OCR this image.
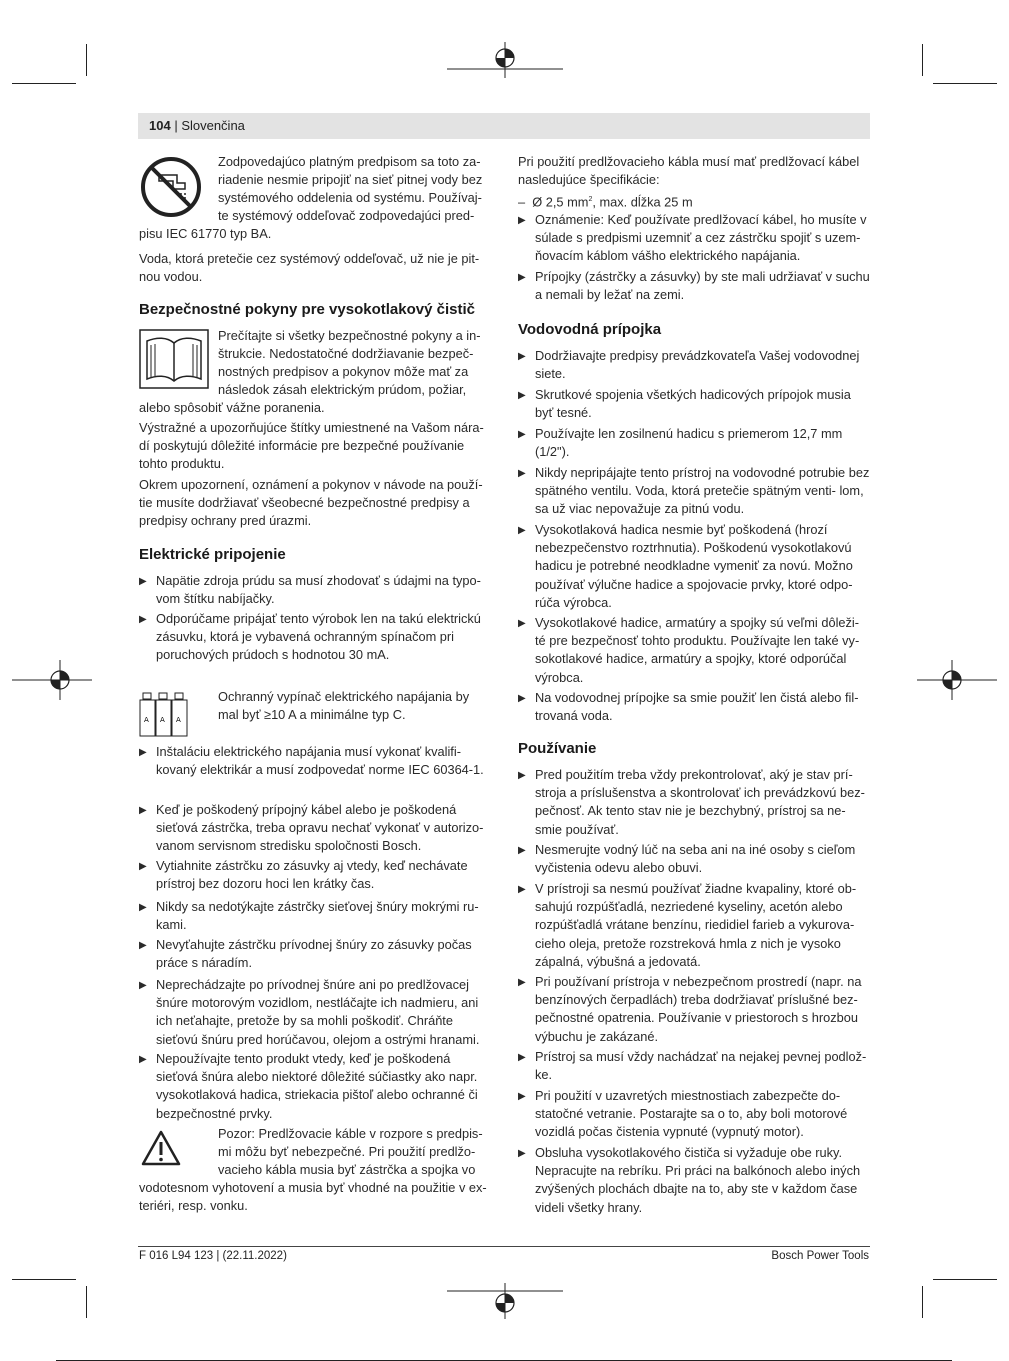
104 | Slovenčina

Zodpovedajúco platným predpisom sa toto za-

riadenie nesmie pripojiť na sieť pitnej vody bez

systémového oddelenia od systému. Používaj-

te systémový oddeľovač zodpovedajúci pred-

pisu IEC 61770 typ BA.

Voda, ktorá pretečie cez systémový oddeľovač, už nie je pit- nou vodou.

Bezpečnostné pokyny pre vysokotlakový čistič

Prečítajte si všetky bezpečnostné pokyny a in-

štrukcie. Nedostatočné dodržiavanie bezpeč-

nostných predpisov a pokynov môže mať za

následok zásah elektrickým prúdom, požiar,

alebo spôsobiť vážne poranenia.

Výstražné a upozorňujúce štítky umiestnené na Vašom nára- dí poskytujú dôležité informácie pre bezpečné používanie tohto produktu.

Okrem upozornení, oznámení a pokynov v návode na použí- tie musíte dodržiavať všeobecné bezpečnostné predpisy a predpisy ochrany pred úrazmi.

Elektrické pripojenie

▶ Napätie zdroja prúdu sa musí zhodovať s údajmi na typo- vom štítku nabíjačky.

▶ Odporúčame pripájať tento výrobok len na takú elektrickú zásuvku, ktorá je vybavená ochranným spínačom pri poruchových prúdoch s hodnotou 30 mA.

A A A

Ochranný vypínač elektrického napájania by

mal byť ≥10 A a minimálne typ C.

▶ Inštaláciu elektrického napájania musí vykonať kvalifi- kovaný elektrikár a musí zodpovedať norme IEC 60364-1.

▶ Keď je poškodený prípojný kábel alebo je poškodená sieťová zástrčka, treba opravu nechať vykonať v autorizo- vanom servisnom stredisku spoločnosti Bosch.

▶ Vytiahnite zástrčku zo zásuvky aj vtedy, keď nechávate prístroj bez dozoru hoci len krátky čas.

▶ Nikdy sa nedotýkajte zástrčky sieťovej šnúry mokrými ru- kami.

▶ Nevyťahujte zástrčku prívodnej šnúry zo zásuvky počas práce s náradím.

▶ Neprechádzajte po prívodnej šnúre ani po predlžovacej šnúre motorovým vozidlom, nestláčajte ich nadmieru, ani ich neťahajte, pretože by sa mohli poškodiť. Chráňte sieťovú šnúru pred horúčavou, olejom a ostrými hranami.

▶ Nepoužívajte tento produkt vtedy, keď je poškodená sieťová šnúra alebo niektoré dôležité súčiastky ako napr. vysokotlaková hadica, striekacia pištoľ alebo ochranné či bezpečnostné prvky.

Pozor: Predlžovacie káble v rozpore s predpis-

mi môžu byť nebezpečné. Pri použití predlžo-

vacieho kábla musia byť zástrčka a spojka vo

vodotesnom vyhotovení a musia byť vhodné na použitie v ex- teriéri, resp. vonku.

Pri použití predlžovacieho kábla musí mať predlžovací kábel nasledujúce špecifikácie:

– Ø 2,5 $mm^2$, max. dĺžka 25 m

▶ Oznámenie: Keď používate predlžovací kábel, ho musíte v súlade s predpismi uzemniť a cez zástrčku spojiť s uzem- ňovacím káblom vášho elektrického napájania.

▶ Prípojky (zástrčky a zásuvky) by ste mali udržiavať v suchu a nemali by ležať na zemi.

Vodovodná prípojka

▶ Dodržiavajte predpisy prevádzkovateľa Vašej vodovodnej siete.

▶ Skrutkové spojenia všetkých hadicových prípojok musia byť tesné.

▶ Používajte len zosilnenú hadicu s priemerom 12,7 mm (1/2").

▶ Nikdy nepripájajte tento prístroj na vodovodné potrubie bez spätného ventilu. Voda, ktorá pretečie spätným venti- lom, sa už viac nepovažuje za pitnú vodu.

▶ Vysokotlaková hadica nesmie byť poškodená (hrozí nebezpečenstvo roztrhnutia). Poškodenú vysokotlakovú hadicu je potrebné neodkladne vymeniť za novú. Možno používať výlučne hadice a spojovacie prvky, ktoré odpo- rúča výrobca.

▶ Vysokotlakové hadice, armatúry a spojky sú veľmi dôleži- té pre bezpečnosť tohto produktu. Používajte len také vy- sokotlakové hadice, armatúry a spojky, ktoré odporúčal výrobca.

▶ Na vodovodnej prípojke sa smie použiť len čistá alebo fil- trovaná voda.

Používanie

▶ Pred použitím treba vždy prekontrolovať, aký je stav prí- stroja a príslušenstva a skontrolovať ich prevádzkovú bez- pečnosť. Ak tento stav nie je bezchybný, prístroj sa ne- smie používať.

▶ Nesmerujte vodný lúč na seba ani na iné osoby s cieľom vyčistenia odevu alebo obuvi.

▶ V prístroji sa nesmú používať žiadne kvapaliny, ktoré ob- sahujú rozpúšťadlá, nezriedené kyseliny, acetón alebo rozpúšťadlá vrátane benzínu, riedidiel farieb a vykurova- cieho oleja, pretože rozstreková hmla z nich je vysoko zápalná, výbušná a jedovatá.

▶ Pri používaní prístroja v nebezpečnom prostredí (napr. na benzínových čerpadlách) treba dodržiavať príslušné bez- pečnostné opatrenia. Používanie v priestoroch s hrozbou výbuchu je zakázané.

▶ Prístroj sa musí vždy nachádzať na nejakej pevnej podlož- ke.

▶ Pri použití v uzavretých miestnostiach zabezpečte do- statočné vetranie. Postarajte sa o to, aby boli motorové vozidlá počas čistenia vypnuté (vypnutý motor).

▶ Obsluha vysokotlakového čističa si vyžaduje obe ruky. Nepracujte na rebríku. Pri práci na balkónoch alebo iných zvýšených plochách dbajte na to, aby ste v každom čase videli všetky hrany.

F 016 L94 123 | (22.11.2022)	Bosch Power Tools
